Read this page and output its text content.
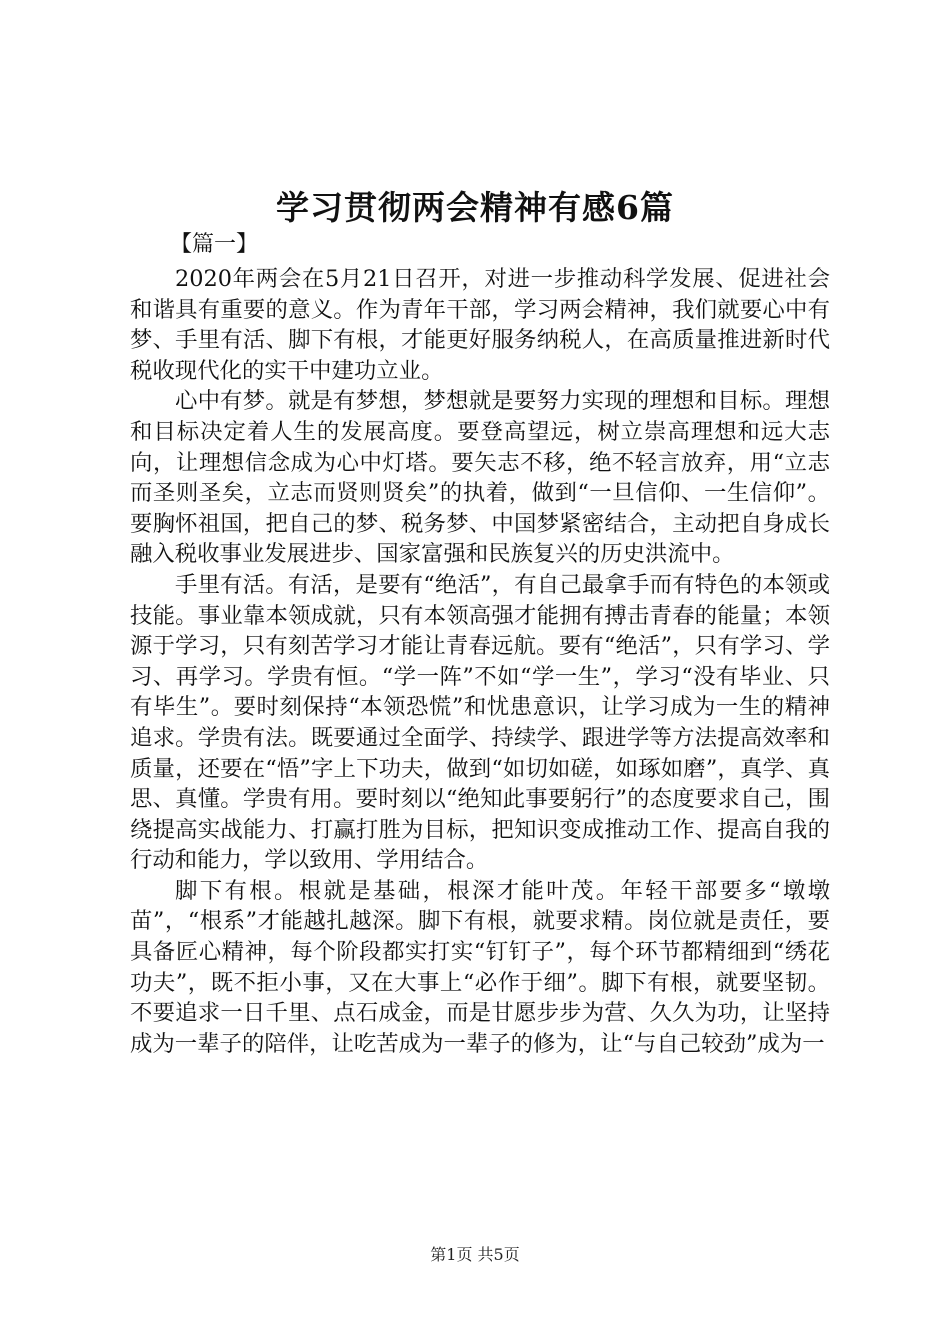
学习贯彻两会精神有感6篇
【篇一】

2020年两会在5月21日召开，对进一步推动科学发展、促进社会和谐具有重要的意义。作为青年干部，学习两会精神，我们就要心中有梦、手里有活、脚下有根，才能更好服务纳税人，在高质量推进新时代税收现代化的实干中建功立业。

心中有梦。就是有梦想，梦想就是要努力实现的理想和目标。理想和目标决定着人生的发展高度。要登高望远，树立崇高理想和远大志向，让理想信念成为心中灯塔。要矢志不移，绝不轻言放弃，用“立志而圣则圣矣，立志而贤则贤矣”的执着，做到“一旦信仰、一生信仰”。要胸怀祖国，把自己的梦、税务梦、中国梦紧密结合，主动把自身成长融入税收事业发展进步、国家富强和民族复兴的历史洪流中。

手里有活。有活，是要有“绝活”，有自己最拿手而有特色的本领或技能。事业靠本领成就，只有本领高强才能拥有搏击青春的能量；本领源于学习，只有刻苦学习才能让青春远航。要有“绝活”，只有学习、学习、再学习。学贵有恒。“学一阵”不如“学一生”，学习“没有毕业、只有毕生”。要时刻保持“本领恐慌”和忧患意识，让学习成为一生的精神追求。学贵有法。既要通过全面学、持续学、跟进学等方法提高效率和质量，还要在“悟”字上下功夫，做到“如切如磋，如琢如磨”，真学、真思、真懂。学贵有用。要时刻以“绝知此事要躬行”的态度要求自己，围绕提高实战能力、打赢打胜为目标，把知识变成推动工作、提高自我的行动和能力，学以致用、学用结合。

脚下有根。根就是基础，根深才能叶茂。年轻干部要多“墩墩苗”，“根系”才能越扎越深。脚下有根，就要求精。岗位就是责任，要具备匠心精神，每个阶段都实打实“钉钉子”，每个环节都精细到“绣花功夫”，既不拒小事，又在大事上“必作于细”。脚下有根，就要坚韧。不要追求一日千里、点石成金，而是甘愿步步为营、久久为功，让坚持成为一辈子的陪伴，让吃苦成为一辈子的修为，让“与自己较劲”成为一

第1页 共5页
